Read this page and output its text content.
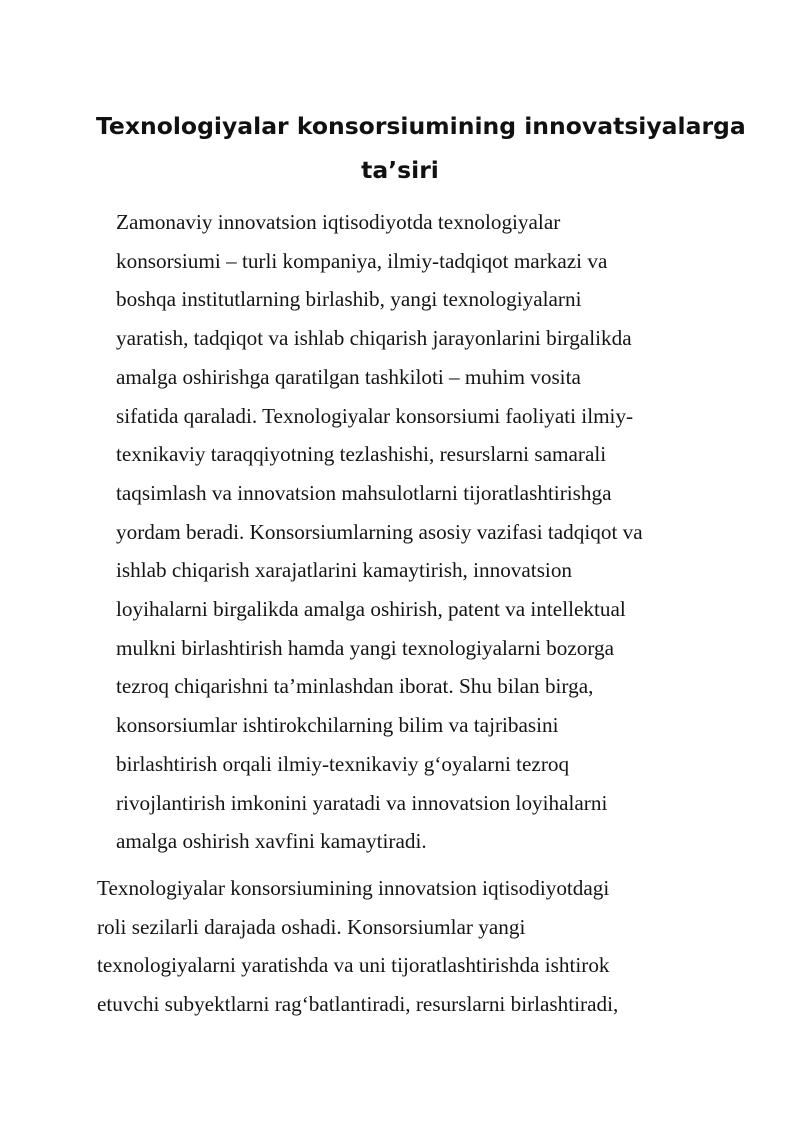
Texnologiyalar konsorsiumining innovatsiyalarga
ta’siri

Zamonaviy innovatsion iqtisodiyotda texnologiyalar
konsorsiumi – turli kompaniya, ilmiy-tadqiqot markazi va
boshqa institutlarning birlashib, yangi texnologiyalarni
yaratish, tadqiqot va ishlab chiqarish jarayonlarini birgalikda
amalga oshirishga qaratilgan tashkiloti – muhim vosita
sifatida qaraladi. Texnologiyalar konsorsiumi faoliyati ilmiy-
texnikaviy taraqqiyotning tezlashishi, resurslarni samarali
taqsimlash va innovatsion mahsulotlarni tijoratlashtirishga
yordam beradi. Konsorsiumlarning asosiy vazifasi tadqiqot va
ishlab chiqarish xarajatlarini kamaytirish, innovatsion
loyihalarni birgalikda amalga oshirish, patent va intellektual
mulkni birlashtirish hamda yangi texnologiyalarni bozorga
tezroq chiqarishni ta’minlashdan iborat. Shu bilan birga,
konsorsiumlar ishtirokchilarning bilim va tajribasini
birlashtirish orqali ilmiy-texnikaviy g‘oyalarni tezroq
rivojlantirish imkonini yaratadi va innovatsion loyihalarni
amalga oshirish xavfini kamaytiradi.

Texnologiyalar konsorsiumining innovatsion iqtisodiyotdagi
roli sezilarli darajada oshadi. Konsorsiumlar yangi
texnologiyalarni yaratishda va uni tijoratlashtirishda ishtirok
etuvchi subyektlarni rag‘batlantiradi, resurslarni birlashtiradi,
